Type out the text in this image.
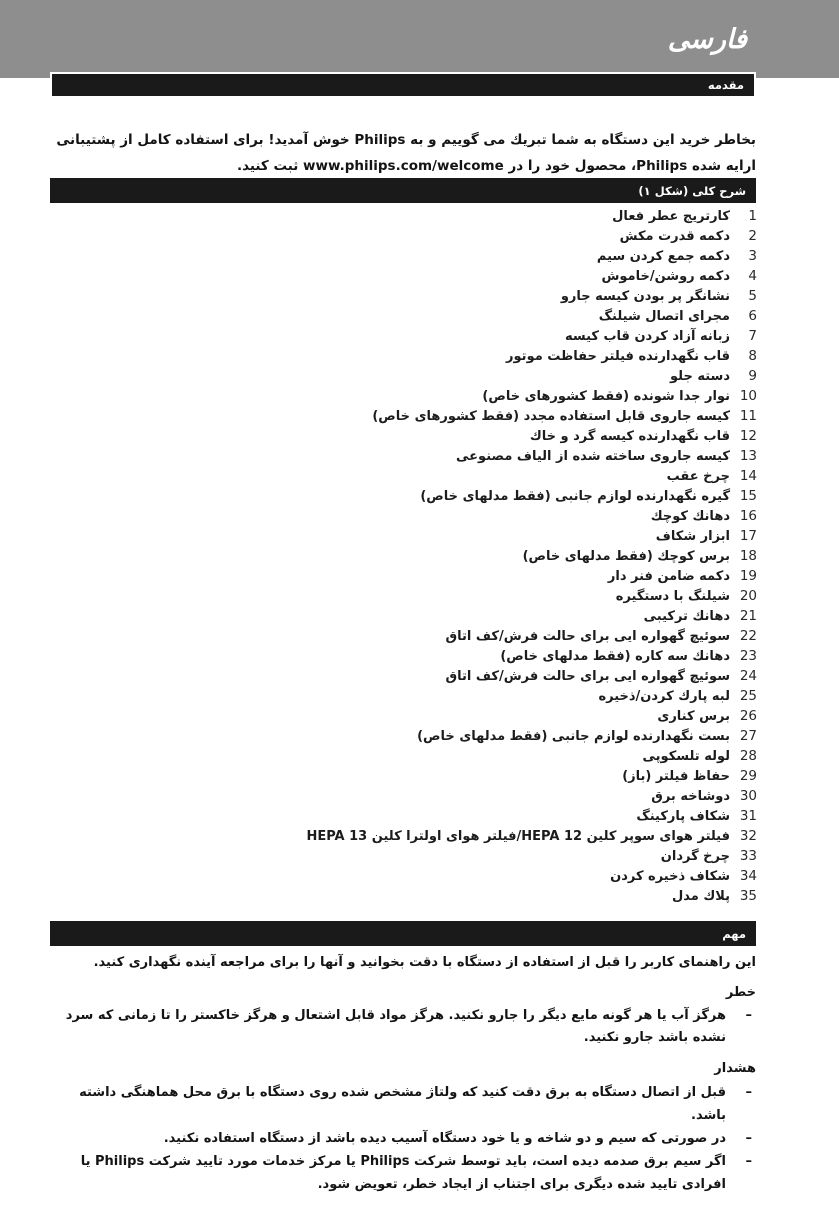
فارسی
مقدمه

بخاطر خرید این دستگاه به شما تبریك می گوییم و به Philips خوش آمدید! برای استفاده كامل از پشتیبانی ارایه شده Philips، محصول خود را در www.philips.com/welcome ثبت كنید.

شرح كلی (شكل ۱)
كارتریج عطر فعال	1
دكمه قدرت مكش	2
دكمه جمع كردن سیم	3
دكمه روشن/خاموش	4
نشانگر پر بودن كیسه جارو	5
مجرای اتصال شیلنگ	6
زبانه آزاد كردن قاب كیسه	7
قاب نگهدارنده فیلتر حفاظت موتور	8
دسته جلو	9
نوار جدا شونده (فقط كشورهای خاص) 10
كیسه جاروی قابل استفاده مجدد (فقط كشورهای خاص) 11
قاب نگهدارنده كیسه گرد و خاك 12
كیسه جاروی ساخته شده از الیاف مصنوعی 13
چرخ عقب 14
گیره نگهدارنده لوازم جانبی (فقط مدلهای خاص) 15
دهانك كوچك 16
ابزار شكاف 17
برس كوچك (فقط مدلهای خاص) 18
دكمه ضامن فنر دار 19
شیلنگ با دستگیره 20
دهانك تركیبی 21
سوئیچ گهواره ایی برای حالت فرش/كف اتاق 22
دهانك سه كاره (فقط مدلهای خاص) 23
سوئیچ گهواره ایی برای حالت فرش/كف اتاق 24
لبه پارك كردن/ذخیره 25
برس كناری 26
بست نگهدارنده لوازم جانبی (فقط مدلهای خاص) 27
لوله تلسكوپی 28
حفاظ فیلتر (باز) 29
دوشاخه برق 30
شكاف پاركینگ 31
فیلتر هوای سوپر كلین HEPA 12/فیلتر هوای اولترا كلین HEPA 13 32
چرخ گردان 33
شكاف ذخیره كردن 34
پلاك مدل 35
مهم

این راهنمای كاربر را قبل از استفاده از دستگاه با دقت بخوانید و آنها را برای مراجعه آینده نگهداری كنید.

خطر
–
هرگز آب یا هر گونه مایع دیگر را جارو نكنید. هرگز مواد قابل اشتعال و هرگز خاكستر را تا زمانی كه سرد نشده باشد جارو نكنید.
هشدار
–
قبل از اتصال دستگاه به برق دقت كنید كه ولتاژ مشخص شده روی دستگاه با برق محل هماهنگی داشته باشد.
–
در صورتی كه سیم و دو شاخه و یا خود دستگاه آسیب دیده باشد از دستگاه استفاده نكنید.
–
اگر سیم برق صدمه دیده است، باید توسط شركت Philips یا مركز خدمات مورد تایید شركت Philips یا افرادی تایید شده دیگری برای اجتناب از ایجاد خطر، تعویض شود.
